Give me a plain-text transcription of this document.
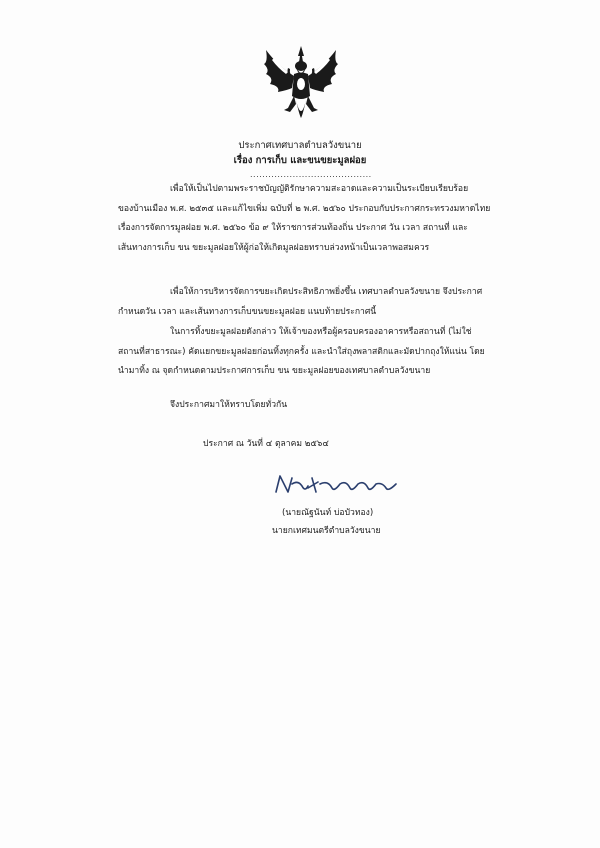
ประกาศเทศบาลตำบลวังขนาย
เรื่อง การเก็บ และขนขยะมูลฝอย
........................................
เพื่อให้เป็นไปตามพระราชบัญญัติรักษาความสะอาดและความเป็นระเบียบเรียบร้อย
ของบ้านเมือง พ.ศ. ๒๕๓๕ และแก้ไขเพิ่ม ฉบับที่ ๒ พ.ศ. ๒๕๖๐ ประกอบกับประกาศกระทรวงมหาดไทย
เรื่องการจัดการมูลฝอย พ.ศ. ๒๕๖๐ ข้อ ๙ ให้ราชการส่วนท้องถิ่น ประกาศ วัน เวลา สถานที่ และ
เส้นทางการเก็บ ขน ขยะมูลฝอยให้ผู้ก่อให้เกิดมูลฝอยทราบล่วงหน้าเป็นเวลาพอสมควร
เพื่อให้การบริหารจัดการขยะเกิดประสิทธิภาพยิ่งขึ้น เทศบาลตำบลวังขนาย จึงประกาศ
กำหนดวัน เวลา และเส้นทางการเก็บขนขยะมูลฝอย แนบท้ายประกาศนี้
ในการทิ้งขยะมูลฝอยดังกล่าว ให้เจ้าของหรือผู้ครอบครองอาคารหรือสถานที่ (ไม่ใช่
สถานที่สาธารณะ) คัดแยกขยะมูลฝอยก่อนทิ้งทุกครั้ง และนำใส่ถุงพลาสติกและมัดปากถุงให้แน่น โดย
นำมาทิ้ง ณ จุดกำหนดตามประกาศการเก็บ ขน ขยะมูลฝอยของเทศบาลตำบลวังขนาย
จึงประกาศมาให้ทราบโดยทั่วกัน
ประกาศ ณ วันที่ ๔ ตุลาคม ๒๕๖๔
(นายณัฐนันท์ บ่อบัวทอง)
นายกเทศมนตรีตำบลวังขนาย
